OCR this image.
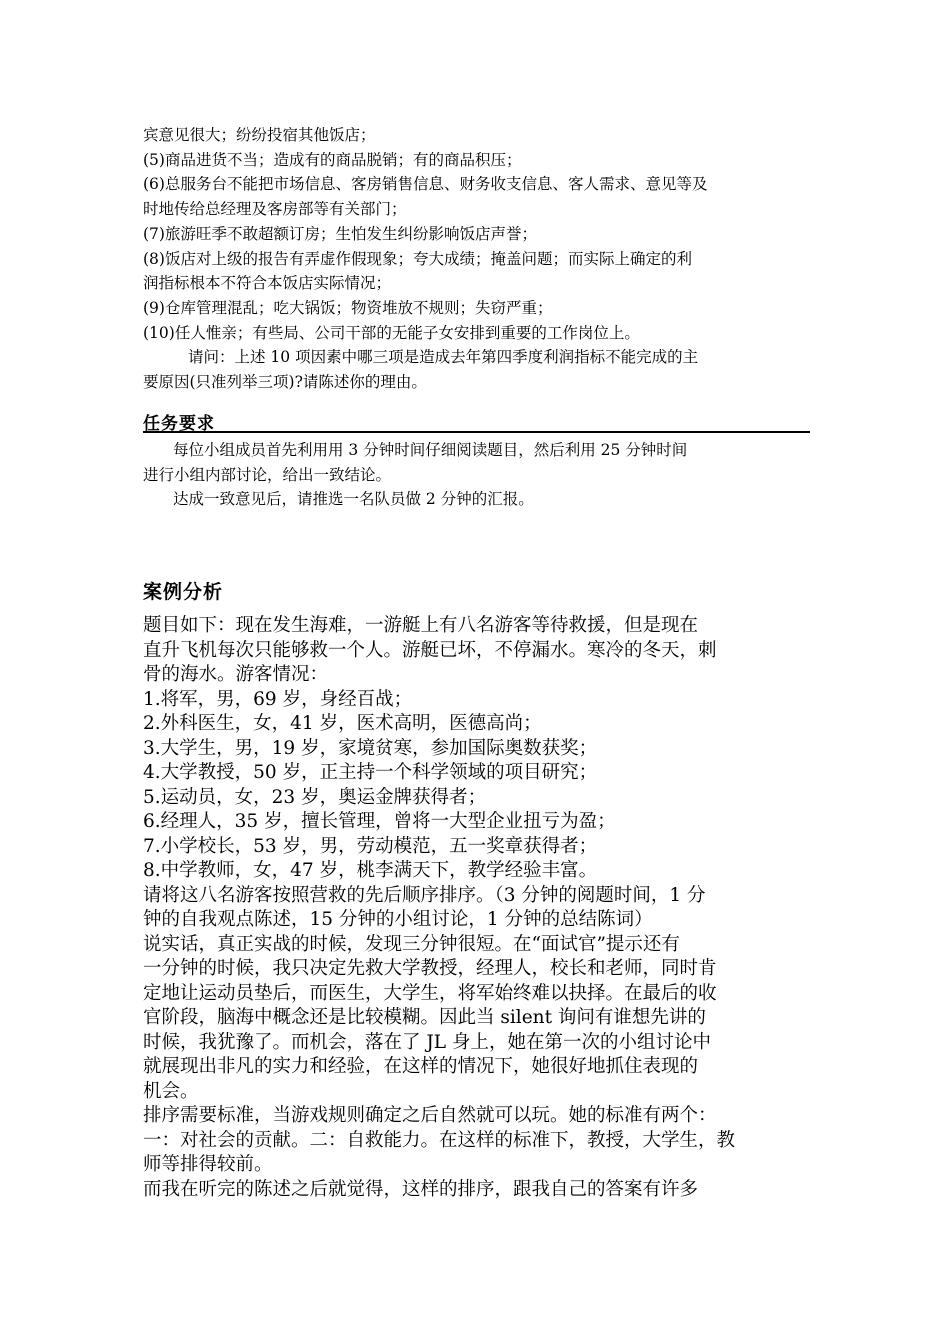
宾意见很大；纷纷投宿其他饭店；

(5)商品进货不当；造成有的商品脱销；有的商品积压；

(6)总服务台不能把市场信息、客房销售信息、财务收支信息、客人需求、意见等及

时地传给总经理及客房部等有关部门；

(7)旅游旺季不敢超额订房；生怕发生纠纷影响饭店声誉；

(8)饭店对上级的报告有弄虚作假现象；夸大成绩；掩盖问题；而实际上确定的利

润指标根本不符合本饭店实际情况；

(9)仓库管理混乱；吃大锅饭；物资堆放不规则；失窃严重；

(10)任人惟亲；有些局、公司干部的无能子女安排到重要的工作岗位上。

请问：上述 10 项因素中哪三项是造成去年第四季度利润指标不能完成的主

要原因(只准列举三项)?请陈述你的理由。

任务要求

每位小组成员首先利用用 3 分钟时间仔细阅读题目，然后利用 25 分钟时间

进行小组内部讨论，给出一致结论。

达成一致意见后，请推选一名队员做 2 分钟的汇报。

案例分析

题目如下：现在发生海难，一游艇上有八名游客等待救援，但是现在

直升飞机每次只能够救一个人。游艇已坏，不停漏水。寒冷的冬天，刺

骨的海水。游客情况：

1.将军，男，69 岁，身经百战；

2.外科医生，女，41 岁，医术高明，医德高尚；

3.大学生，男，19 岁，家境贫寒，参加国际奥数获奖；

4.大学教授，50 岁，正主持一个科学领域的项目研究；

5.运动员，女，23 岁，奥运金牌获得者；

6.经理人，35 岁，擅长管理，曾将一大型企业扭亏为盈；

7.小学校长，53 岁，男，劳动模范，五一奖章获得者；

8.中学教师，女，47 岁，桃李满天下，教学经验丰富。

请将这八名游客按照营救的先后顺序排序。（3 分钟的阅题时间，1 分

钟的自我观点陈述，15 分钟的小组讨论，1 分钟的总结陈词）

说实话，真正实战的时候，发现三分钟很短。在“面试官”提示还有

一分钟的时候，我只决定先救大学教授，经理人，校长和老师，同时肯

定地让运动员垫后，而医生，大学生，将军始终难以抉择。在最后的收

官阶段，脑海中概念还是比较模糊。因此当 silent 询问有谁想先讲的

时候，我犹豫了。而机会，落在了 JL 身上，她在第一次的小组讨论中

就展现出非凡的实力和经验，在这样的情况下，她很好地抓住表现的

机会。

排序需要标准，当游戏规则确定之后自然就可以玩。她的标准有两个：

一：对社会的贡献。二：自救能力。在这样的标准下，教授，大学生，教

师等排得较前。

而我在听完的陈述之后就觉得，这样的排序，跟我自己的答案有许多
